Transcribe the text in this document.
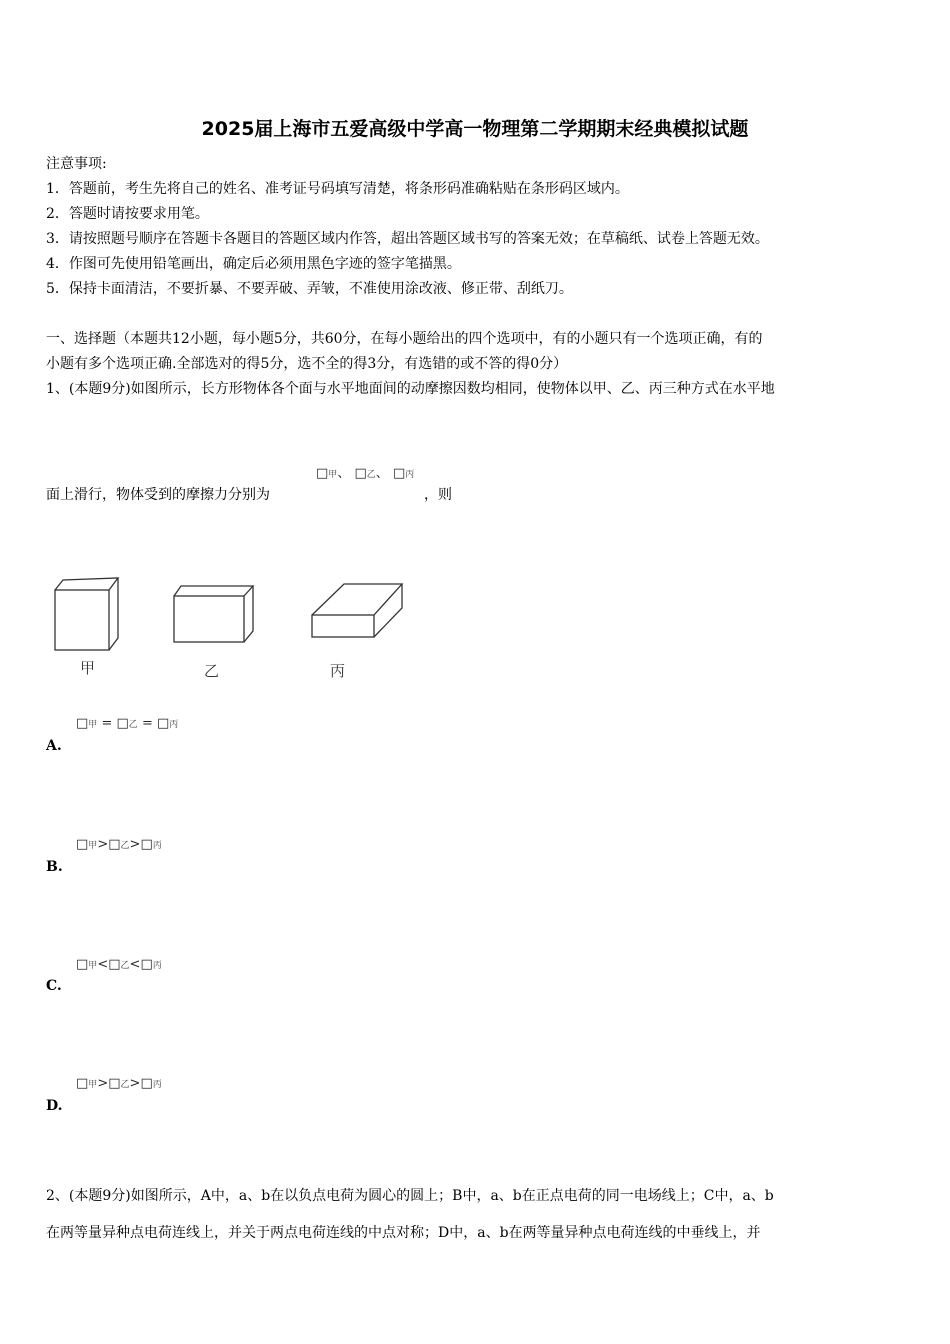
2025届上海市五爱高级中学高一物理第二学期期末经典模拟试题
注意事项:
1．答题前，考生先将自己的姓名、准考证号码填写清楚，将条形码准确粘贴在条形码区域内。
2．答题时请按要求用笔。
3．请按照题号顺序在答题卡各题目的答题区域内作答，超出答题区域书写的答案无效；在草稿纸、试卷上答题无效。
4．作图可先使用铅笔画出，确定后必须用黑色字迹的签字笔描黑。
5．保持卡面清洁，不要折暴、不要弄破、弄皱，不准使用涂改液、修正带、刮纸刀。
一、选择题（本题共12小题，每小题5分，共60分，在每小题给出的四个选项中，有的小题只有一个选项正确，有的
小题有多个选项正确.全部选对的得5分，选不全的得3分，有选错的或不答的得0分）
1、(本题9分)如图所示，长方形物体各个面与水平地面间的动摩擦因数均相同，使物体以甲、乙、丙三种方式在水平地
□甲、 □乙、 □丙
面上滑行，物体受到的摩擦力分别为	，则
甲	乙	丙
□甲 = □乙 = □丙
A.
□甲>□乙>□丙
B.
□甲<□乙<□丙
C.
□甲>□乙>□丙
D.
2、(本题9分)如图所示，A中，a、b在以负点电荷为圆心的圆上；B中，a、b在正点电荷的同一电场线上；C中，a、b
在两等量异种点电荷连线上，并关于两点电荷连线的中点对称；D中，a、b在两等量异种点电荷连线的中垂线上，并
